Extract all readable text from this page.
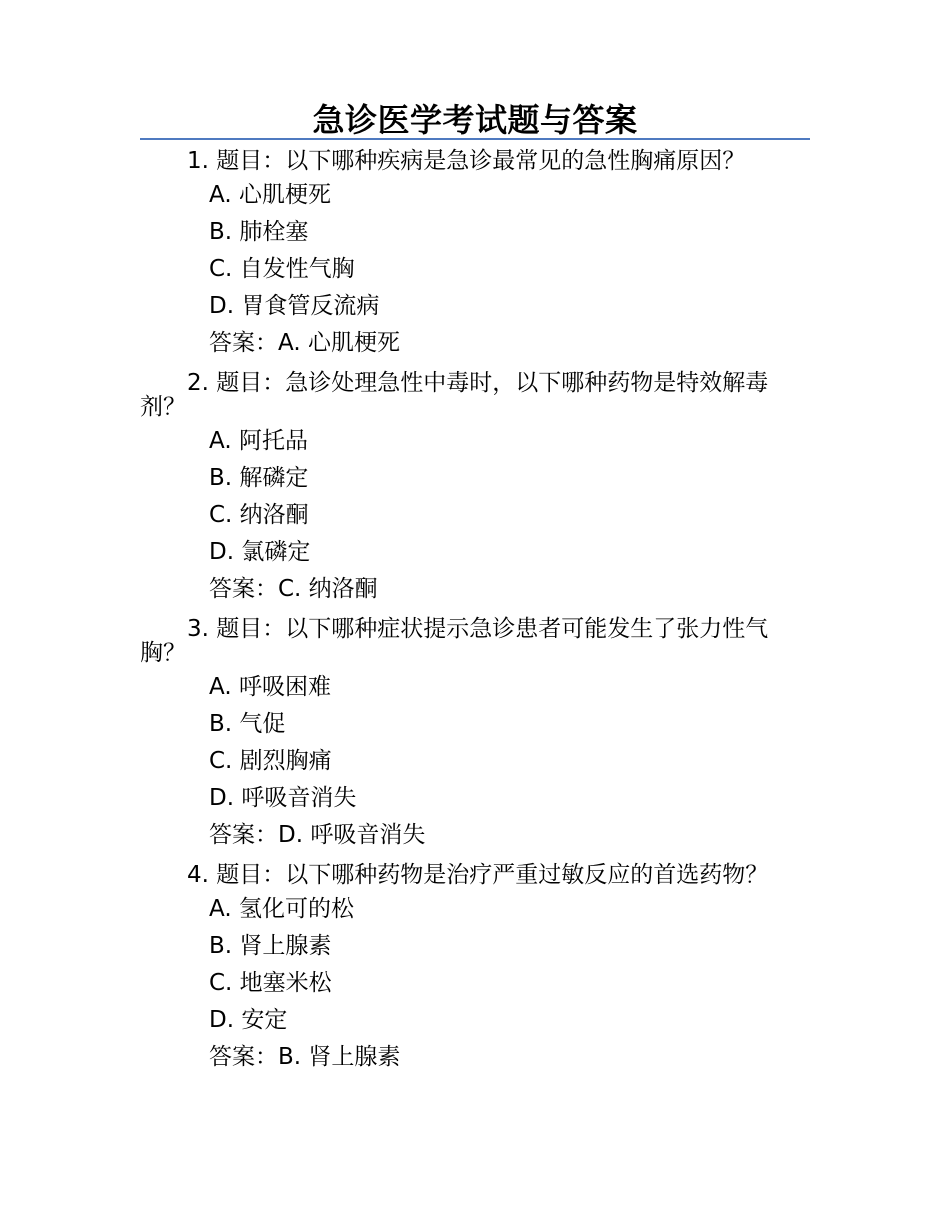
急诊医学考试题与答案
1. 题目：以下哪种疾病是急诊最常见的急性胸痛原因？
A. 心肌梗死
B. 肺栓塞
C. 自发性气胸
D. 胃食管反流病
答案：A. 心肌梗死
2. 题目：急诊处理急性中毒时，以下哪种药物是特效解毒剂？
A. 阿托品
B. 解磷定
C. 纳洛酮
D. 氯磷定
答案：C. 纳洛酮
3. 题目：以下哪种症状提示急诊患者可能发生了张力性气胸？
A. 呼吸困难
B. 气促
C. 剧烈胸痛
D. 呼吸音消失
答案：D. 呼吸音消失
4. 题目：以下哪种药物是治疗严重过敏反应的首选药物？
A. 氢化可的松
B. 肾上腺素
C. 地塞米松
D. 安定
答案：B. 肾上腺素
